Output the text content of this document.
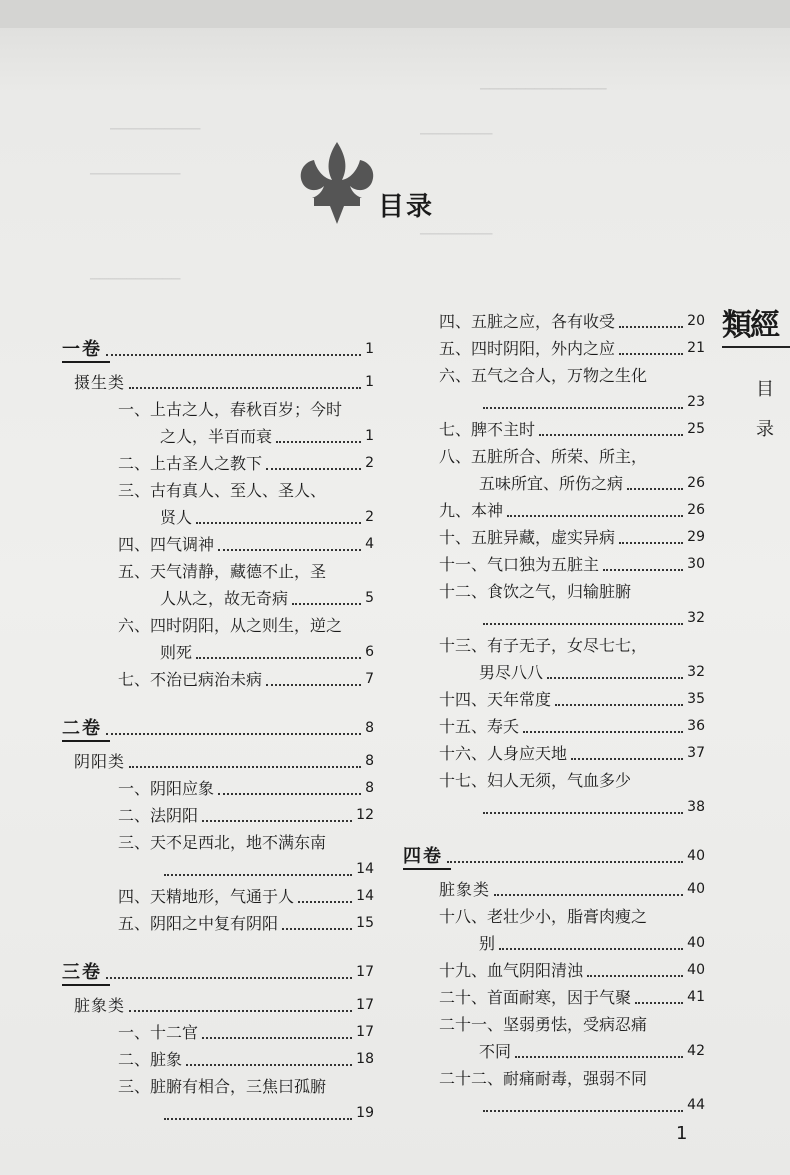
──────────────
──────────	────────
──────────
──────────
────────
目录
類經
目
录
一卷	1
摄生类	1
一、上古之人，春秋百岁；今时
之人，半百而衰	1
二、上古圣人之教下	2
三、古有真人、至人、圣人、
贤人	2
四、四气调神	4
五、天气清静，藏德不止，圣
人从之，故无奇病	5
六、四时阴阳，从之则生，逆之
则死	6
七、不治已病治未病	7
二卷	8
阴阳类	8
一、阴阳应象	8
二、法阴阳	12
三、天不足西北，地不满东南
14
四、天精地形，气通于人	14
五、阴阳之中复有阴阳	15
三卷	17
脏象类	17
一、十二官	17
二、脏象	18
三、脏腑有相合，三焦曰孤腑
19
四、五脏之应，各有收受	20
五、四时阴阳，外内之应	21
六、五气之合人，万物之生化
23
七、脾不主时	25
八、五脏所合、所荣、所主，
五味所宜、所伤之病	26
九、本神	26
十、五脏异藏，虚实异病	29
十一、气口独为五脏主	30
十二、食饮之气，归输脏腑
32
十三、有子无子，女尽七七，
男尽八八	32
十四、天年常度	35
十五、寿夭	36
十六、人身应天地	37
十七、妇人无须，气血多少
38
四卷	40
脏象类	40
十八、老壮少小，脂膏肉瘦之
别	40
十九、血气阴阳清浊	40
二十、首面耐寒，因于气聚	41
二十一、坚弱勇怯，受病忍痛
不同	42
二十二、耐痛耐毒，强弱不同
44
1
